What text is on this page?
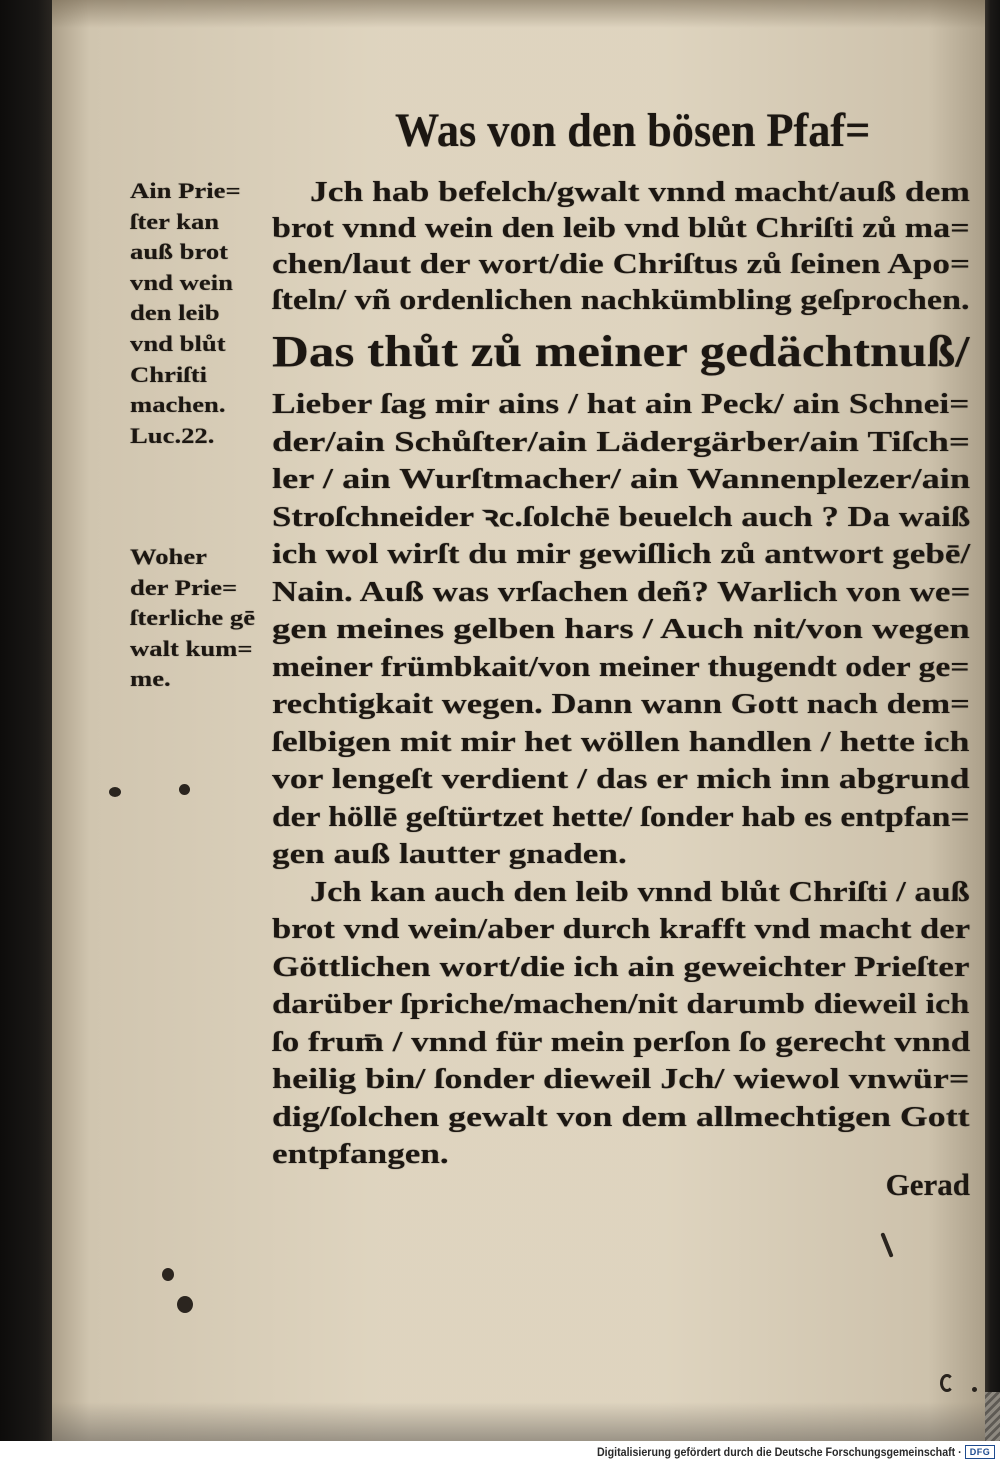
Was von den bösen Pfaf=
Ain Prie=
ſter kan
auß brot
vnd wein
den leib
vnd blůt
Chriſti
machen.
Luc.22.
Woher
der Prie=
ſterliche gē
walt kum=
me.
Jch hab befelch/gwalt vnnd macht/auß dem
brot vnnd wein den leib vnd blůt Chriſti zů ma=
chen/laut der wort/die Chriſtus zů ſeinen Apo=
ſteln/ vñ ordenlichen nachkümbling geſprochen.
Das thůt zů meiner gedächtnuß/
Lieber ſag mir ains / hat ain Peck/ ain Schnei=
der/ain Schůſter/ain Lädergärber/ain Tiſch=
ler / ain Wurſtmacher/ ain Wannenplezer/ain
Stroſchneider ꝛc.ſolchē beuelch auch ? Da waiß
ich wol wirſt du mir gewiſlich zů antwort gebē/
Nain. Auß was vrſachen deñ? Warlich von we=
gen meines gelben hars / Auch nit/von wegen
meiner frümbkait/von meiner thugendt oder ge=
rechtigkait wegen. Dann wann Gott nach dem=
ſelbigen mit mir het wöllen handlen / hette ich
vor lengeſt verdient / das er mich inn abgrund
der höllē geſtürtzet hette/ ſonder hab es entpfan=
gen auß lautter gnaden.
Jch kan auch den leib vnnd blůt Chriſti / auß
brot vnd wein/aber durch krafft vnd macht der
Göttlichen wort/die ich ain geweichter Prieſter
darüber ſpriche/machen/nit darumb dieweil ich
ſo frum̄ / vnnd für mein perſon ſo gerecht vnnd
heilig bin/ ſonder dieweil Jch/ wiewol vnwür=
dig/ſolchen gewalt von dem allmechtigen Gott
entpfangen.
Gerad
Digitalisierung gefördert durch die Deutsche Forschungsgemeinschaft · DFG
